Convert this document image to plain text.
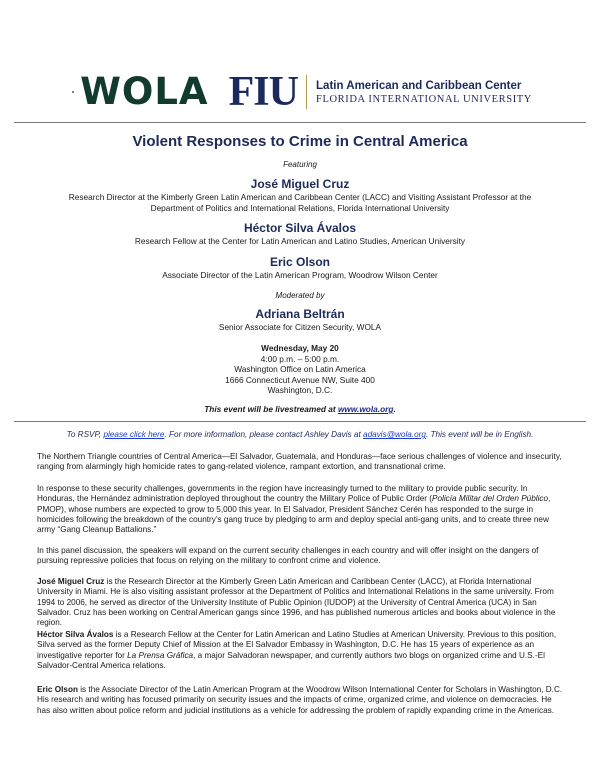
WOLA FIU Latin American and Caribbean Center
FLORIDA INTERNATIONAL UNIVERSITY
Violent Responses to Crime in Central America
Featuring
José Miguel Cruz
Research Director at the Kimberly Green Latin American and Caribbean Center (LACC) and Visiting Assistant Professor at the
Department of Politics and International Relations, Florida International University
Héctor Silva Ávalos
Research Fellow at the Center for Latin American and Latino Studies, American University
Eric Olson
Associate Director of the Latin American Program, Woodrow Wilson Center
Moderated by
Adriana Beltrán
Senior Associate for Citizen Security, WOLA
Wednesday, May 20
4:00 p.m. – 5:00 p.m.
Washington Office on Latin America
1666 Connecticut Avenue NW, Suite 400
Washington, D.C.
This event will be livestreamed at www.wola.org.
To RSVP, please click here. For more information, please contact Ashley Davis at adavis@wola.org. This event will be in English.
The Northern Triangle countries of Central America—El Salvador, Guatemala, and Honduras—face serious challenges of violence and insecurity, ranging from alarmingly high homicide rates to gang-related violence, rampant extortion, and transnational crime.
In response to these security challenges, governments in the region have increasingly turned to the military to provide public security. In Honduras, the Hernández administration deployed throughout the country the Military Police of Public Order (Policía Militar del Orden Público, PMOP), whose numbers are expected to grow to 5,000 this year. In El Salvador, President Sánchez Cerén has responded to the surge in homicides following the breakdown of the country’s gang truce by pledging to arm and deploy special anti-gang units, and to create three new army “Gang Cleanup Battalions.”
In this panel discussion, the speakers will expand on the current security challenges in each country and will offer insight on the dangers of pursuing repressive policies that focus on relying on the military to confront crime and violence.
José Miguel Cruz is the Research Director at the Kimberly Green Latin American and Caribbean Center (LACC), at Florida International University in Miami. He is also visiting assistant professor at the Department of Politics and International Relations in the same university. From 1994 to 2006, he served as director of the University Institute of Public Opinion (IUDOP) at the University of Central America (UCA) in San Salvador. Cruz has been working on Central American gangs since 1996, and has published numerous articles and books about violence in the region.
Héctor Silva Ávalos is a Research Fellow at the Center for Latin American and Latino Studies at American University. Previous to this position, Silva served as the former Deputy Chief of Mission at the El Salvador Embassy in Washington, D.C. He has 15 years of experience as an investigative reporter for La Prensa Gráfica, a major Salvadoran newspaper, and currently authors two blogs on organized crime and U.S.-El Salvador-Central America relations.
Eric Olson is the Associate Director of the Latin American Program at the Woodrow Wilson International Center for Scholars in Washington, D.C. His research and writing has focused primarily on security issues and the impacts of crime, organized crime, and violence on democracies. He has also written about police reform and judicial institutions as a vehicle for addressing the problem of rapidly expanding crime in the Americas.
